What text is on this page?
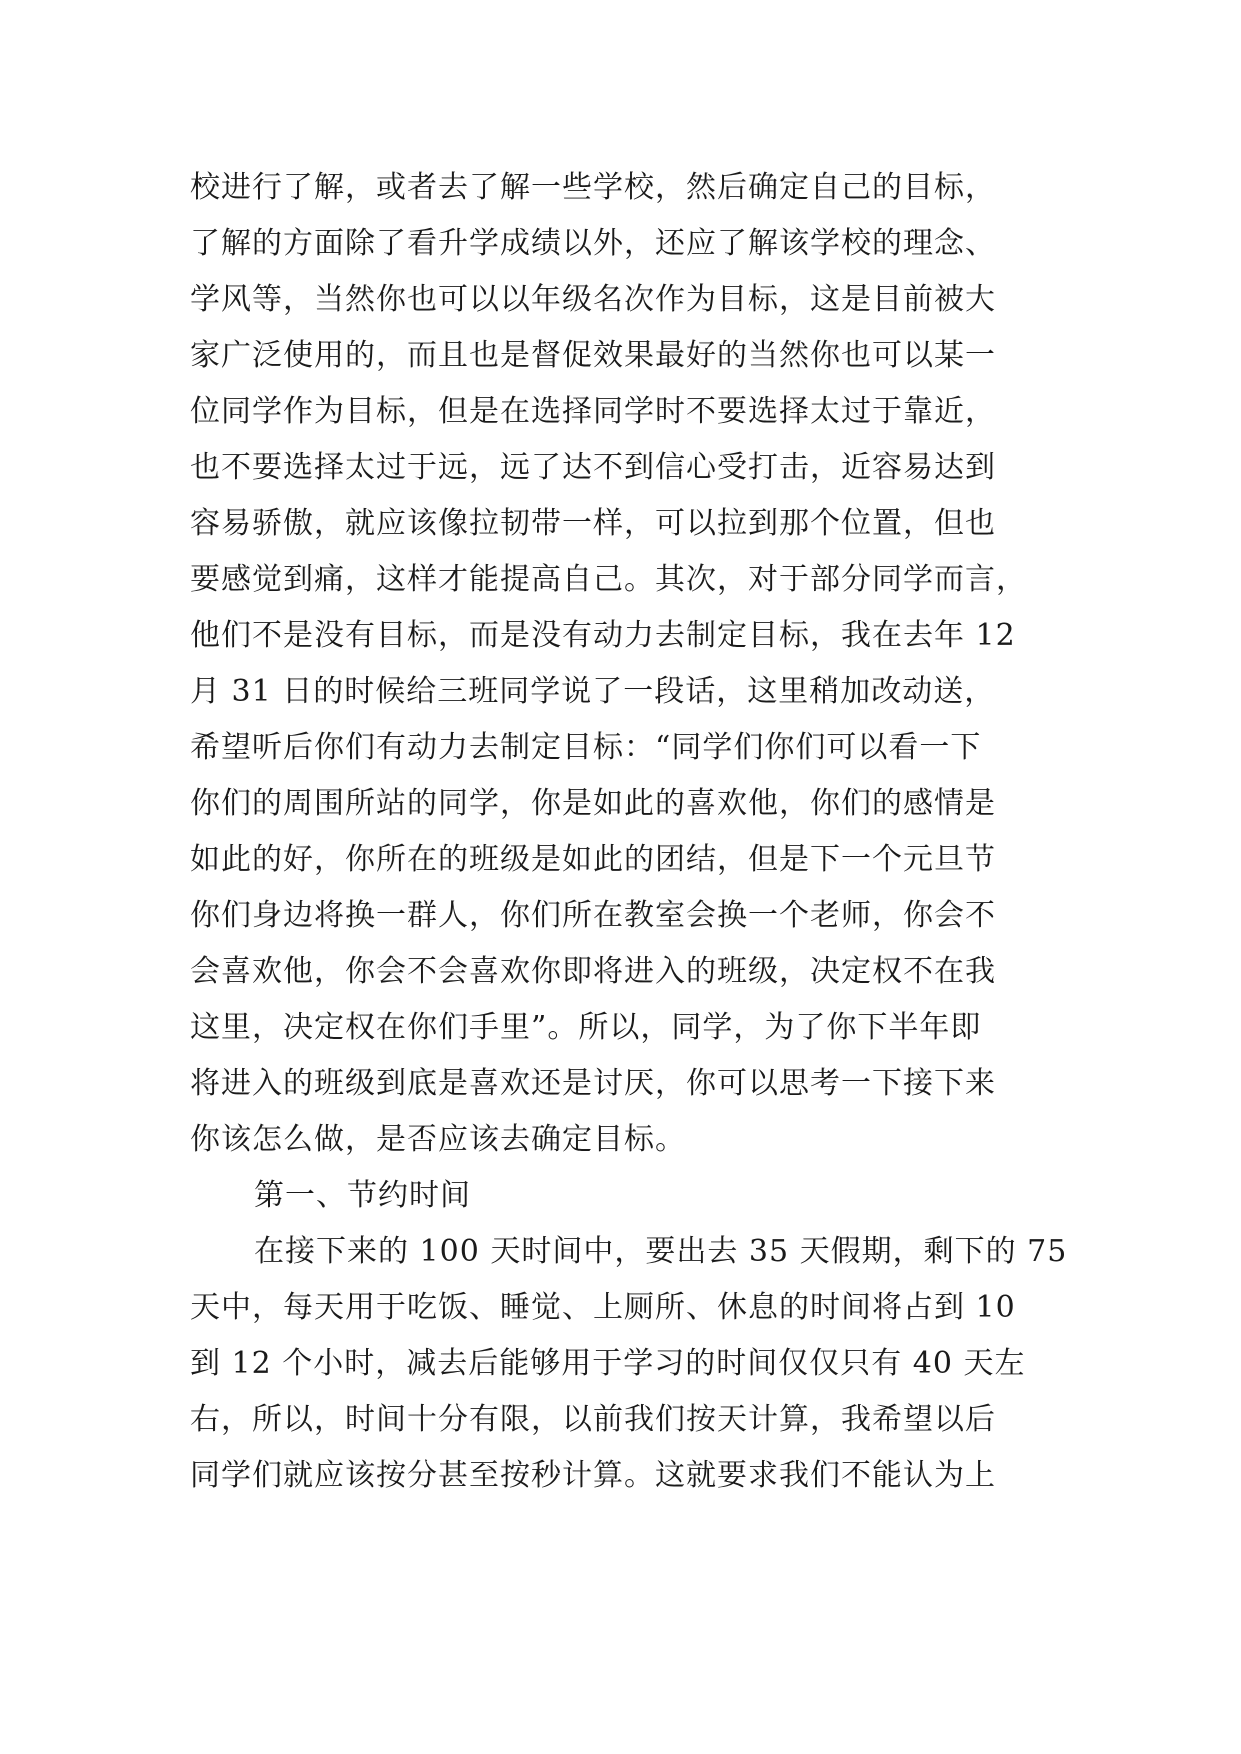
校进行了解，或者去了解一些学校，然后确定自己的目标，
了解的方面除了看升学成绩以外，还应了解该学校的理念、
学风等，当然你也可以以年级名次作为目标，这是目前被大
家广泛使用的，而且也是督促效果最好的当然你也可以某一
位同学作为目标，但是在选择同学时不要选择太过于靠近，
也不要选择太过于远，远了达不到信心受打击，近容易达到
容易骄傲，就应该像拉韧带一样，可以拉到那个位置，但也
要感觉到痛，这样才能提高自己。其次，对于部分同学而言，
他们不是没有目标，而是没有动力去制定目标，我在去年 12
月 31 日的时候给三班同学说了一段话，这里稍加改动送，
希望听后你们有动力去制定目标：“同学们你们可以看一下
你们的周围所站的同学，你是如此的喜欢他，你们的感情是
如此的好，你所在的班级是如此的团结，但是下一个元旦节
你们身边将换一群人，你们所在教室会换一个老师，你会不
会喜欢他，你会不会喜欢你即将进入的班级，决定权不在我
这里，决定权在你们手里”。所以，同学，为了你下半年即
将进入的班级到底是喜欢还是讨厌，你可以思考一下接下来
你该怎么做，是否应该去确定目标。
第一、节约时间
在接下来的 100 天时间中，要出去 35 天假期，剩下的 75
天中，每天用于吃饭、睡觉、上厕所、休息的时间将占到 10
到 12 个小时，减去后能够用于学习的时间仅仅只有 40 天左
右，所以，时间十分有限，以前我们按天计算，我希望以后
同学们就应该按分甚至按秒计算。这就要求我们不能认为上
